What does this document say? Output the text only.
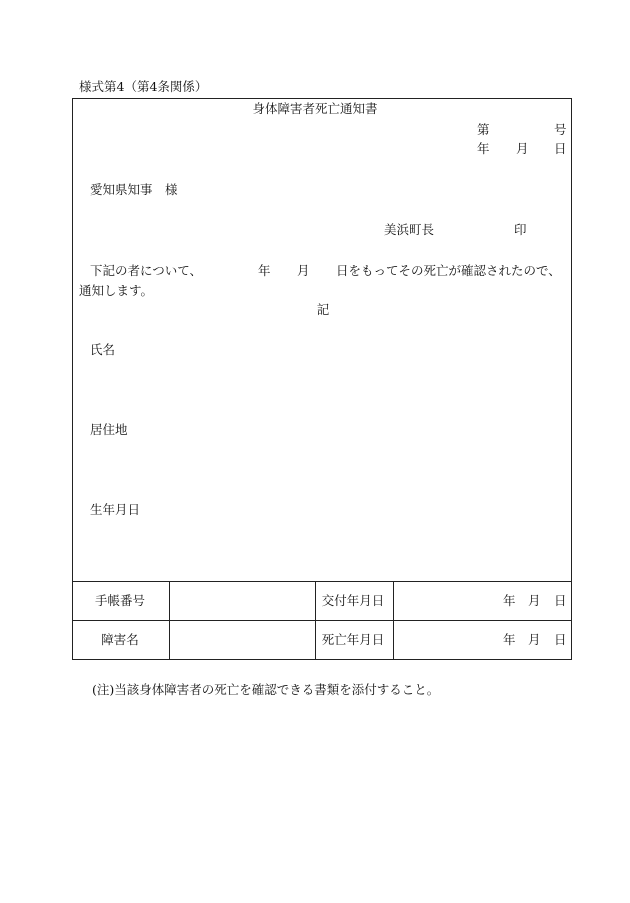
様式第4（第4条関係）
身体障害者死亡通知書
第	号
年 月 日
愛知県知事　様
美浜町長	印
下記の者について、	年 月 日をもってその死亡が確認されたので、
通知します。
記
氏名
居住地
生年月日
手帳番号	交付年月日	年 月 日
障害名	死亡年月日	年 月 日
(注)当該身体障害者の死亡を確認できる書類を添付すること。
